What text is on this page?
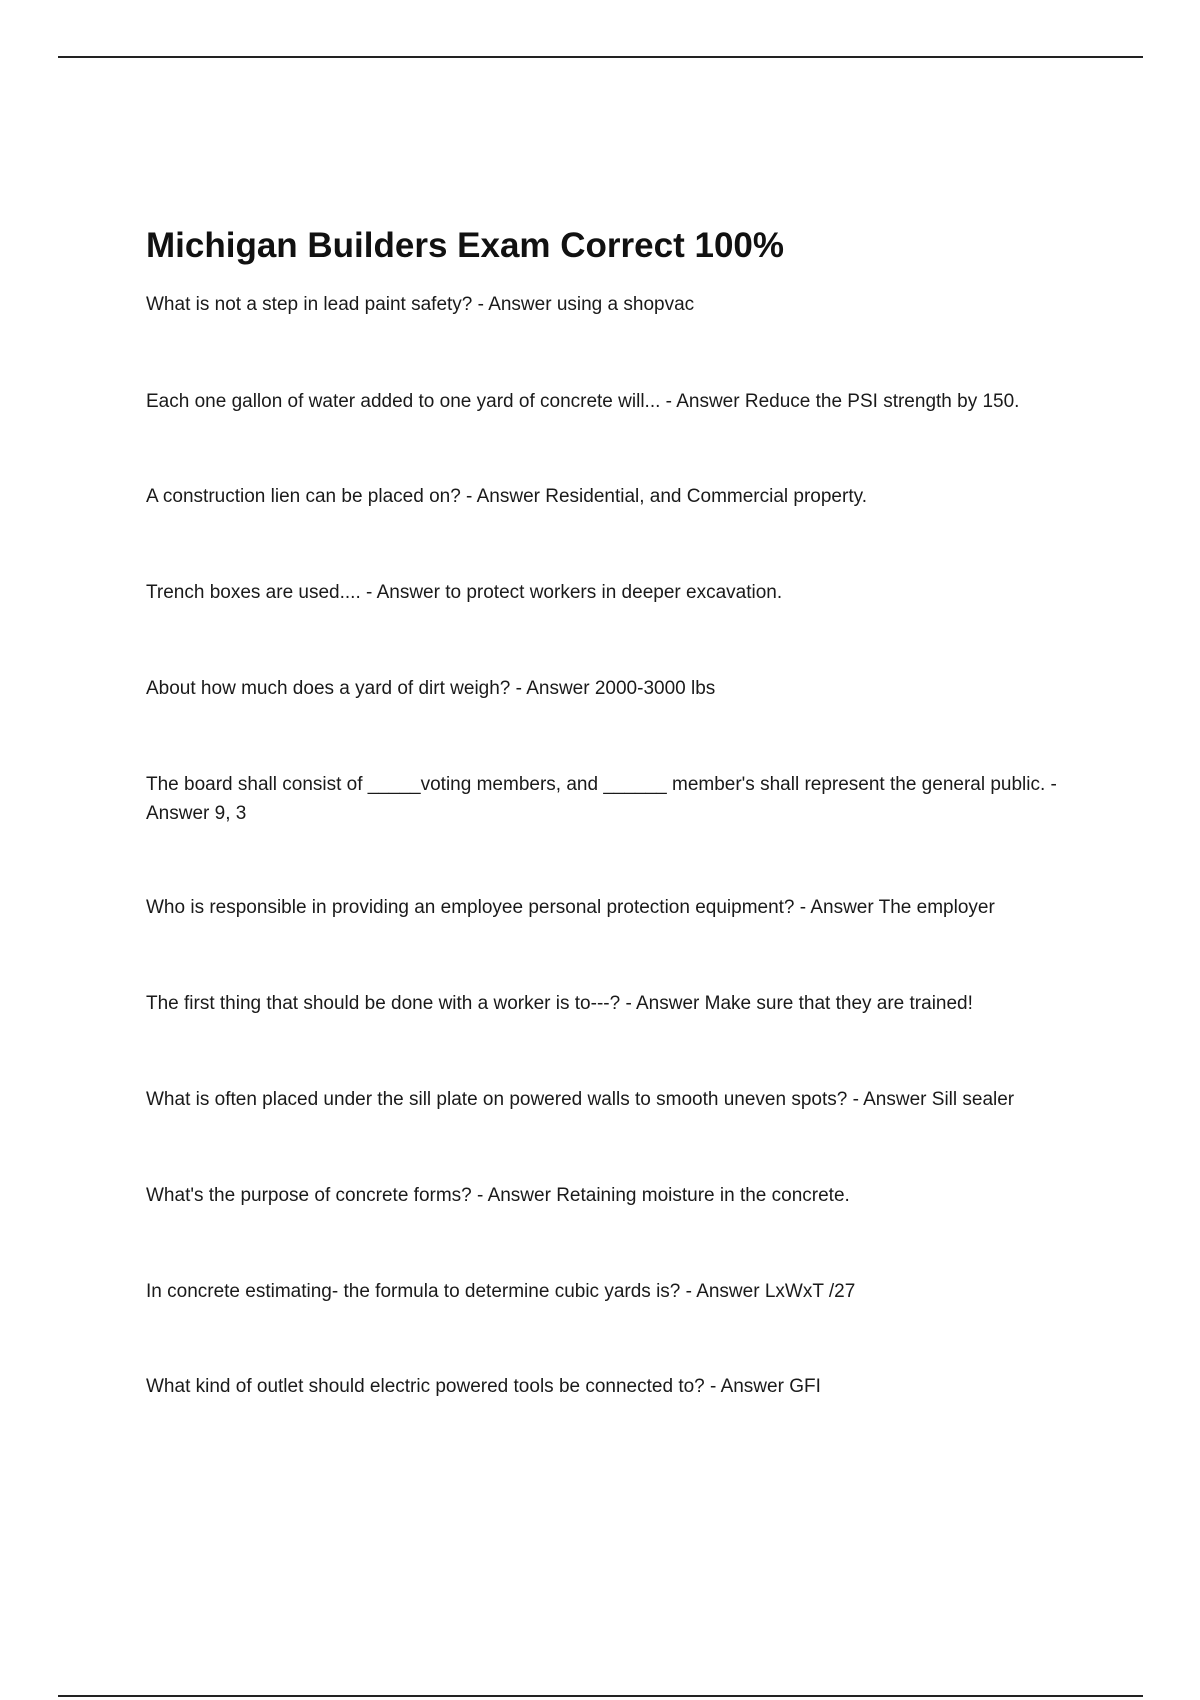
Michigan Builders Exam Correct 100%

What is not a step in lead paint safety? - Answer using a shopvac

Each one gallon of water added to one yard of concrete will... - Answer Reduce the PSI strength by 150.

A construction lien can be placed on? - Answer Residential, and Commercial property.

Trench boxes are used.... - Answer to protect workers in deeper excavation.

About how much does a yard of dirt weigh? - Answer 2000-3000 lbs

The board shall consist of _____voting members, and ______ member's shall represent the general public. - Answer 9, 3

Who is responsible in providing an employee personal protection equipment? - Answer The employer

The first thing that should be done with a worker is to---? - Answer Make sure that they are trained!

What is often placed under the sill plate on powered walls to smooth uneven spots? - Answer Sill sealer

What's the purpose of concrete forms? - Answer Retaining moisture in the concrete.

In concrete estimating- the formula to determine cubic yards is? - Answer LxWxT /27

What kind of outlet should electric powered tools be connected to? - Answer GFI
